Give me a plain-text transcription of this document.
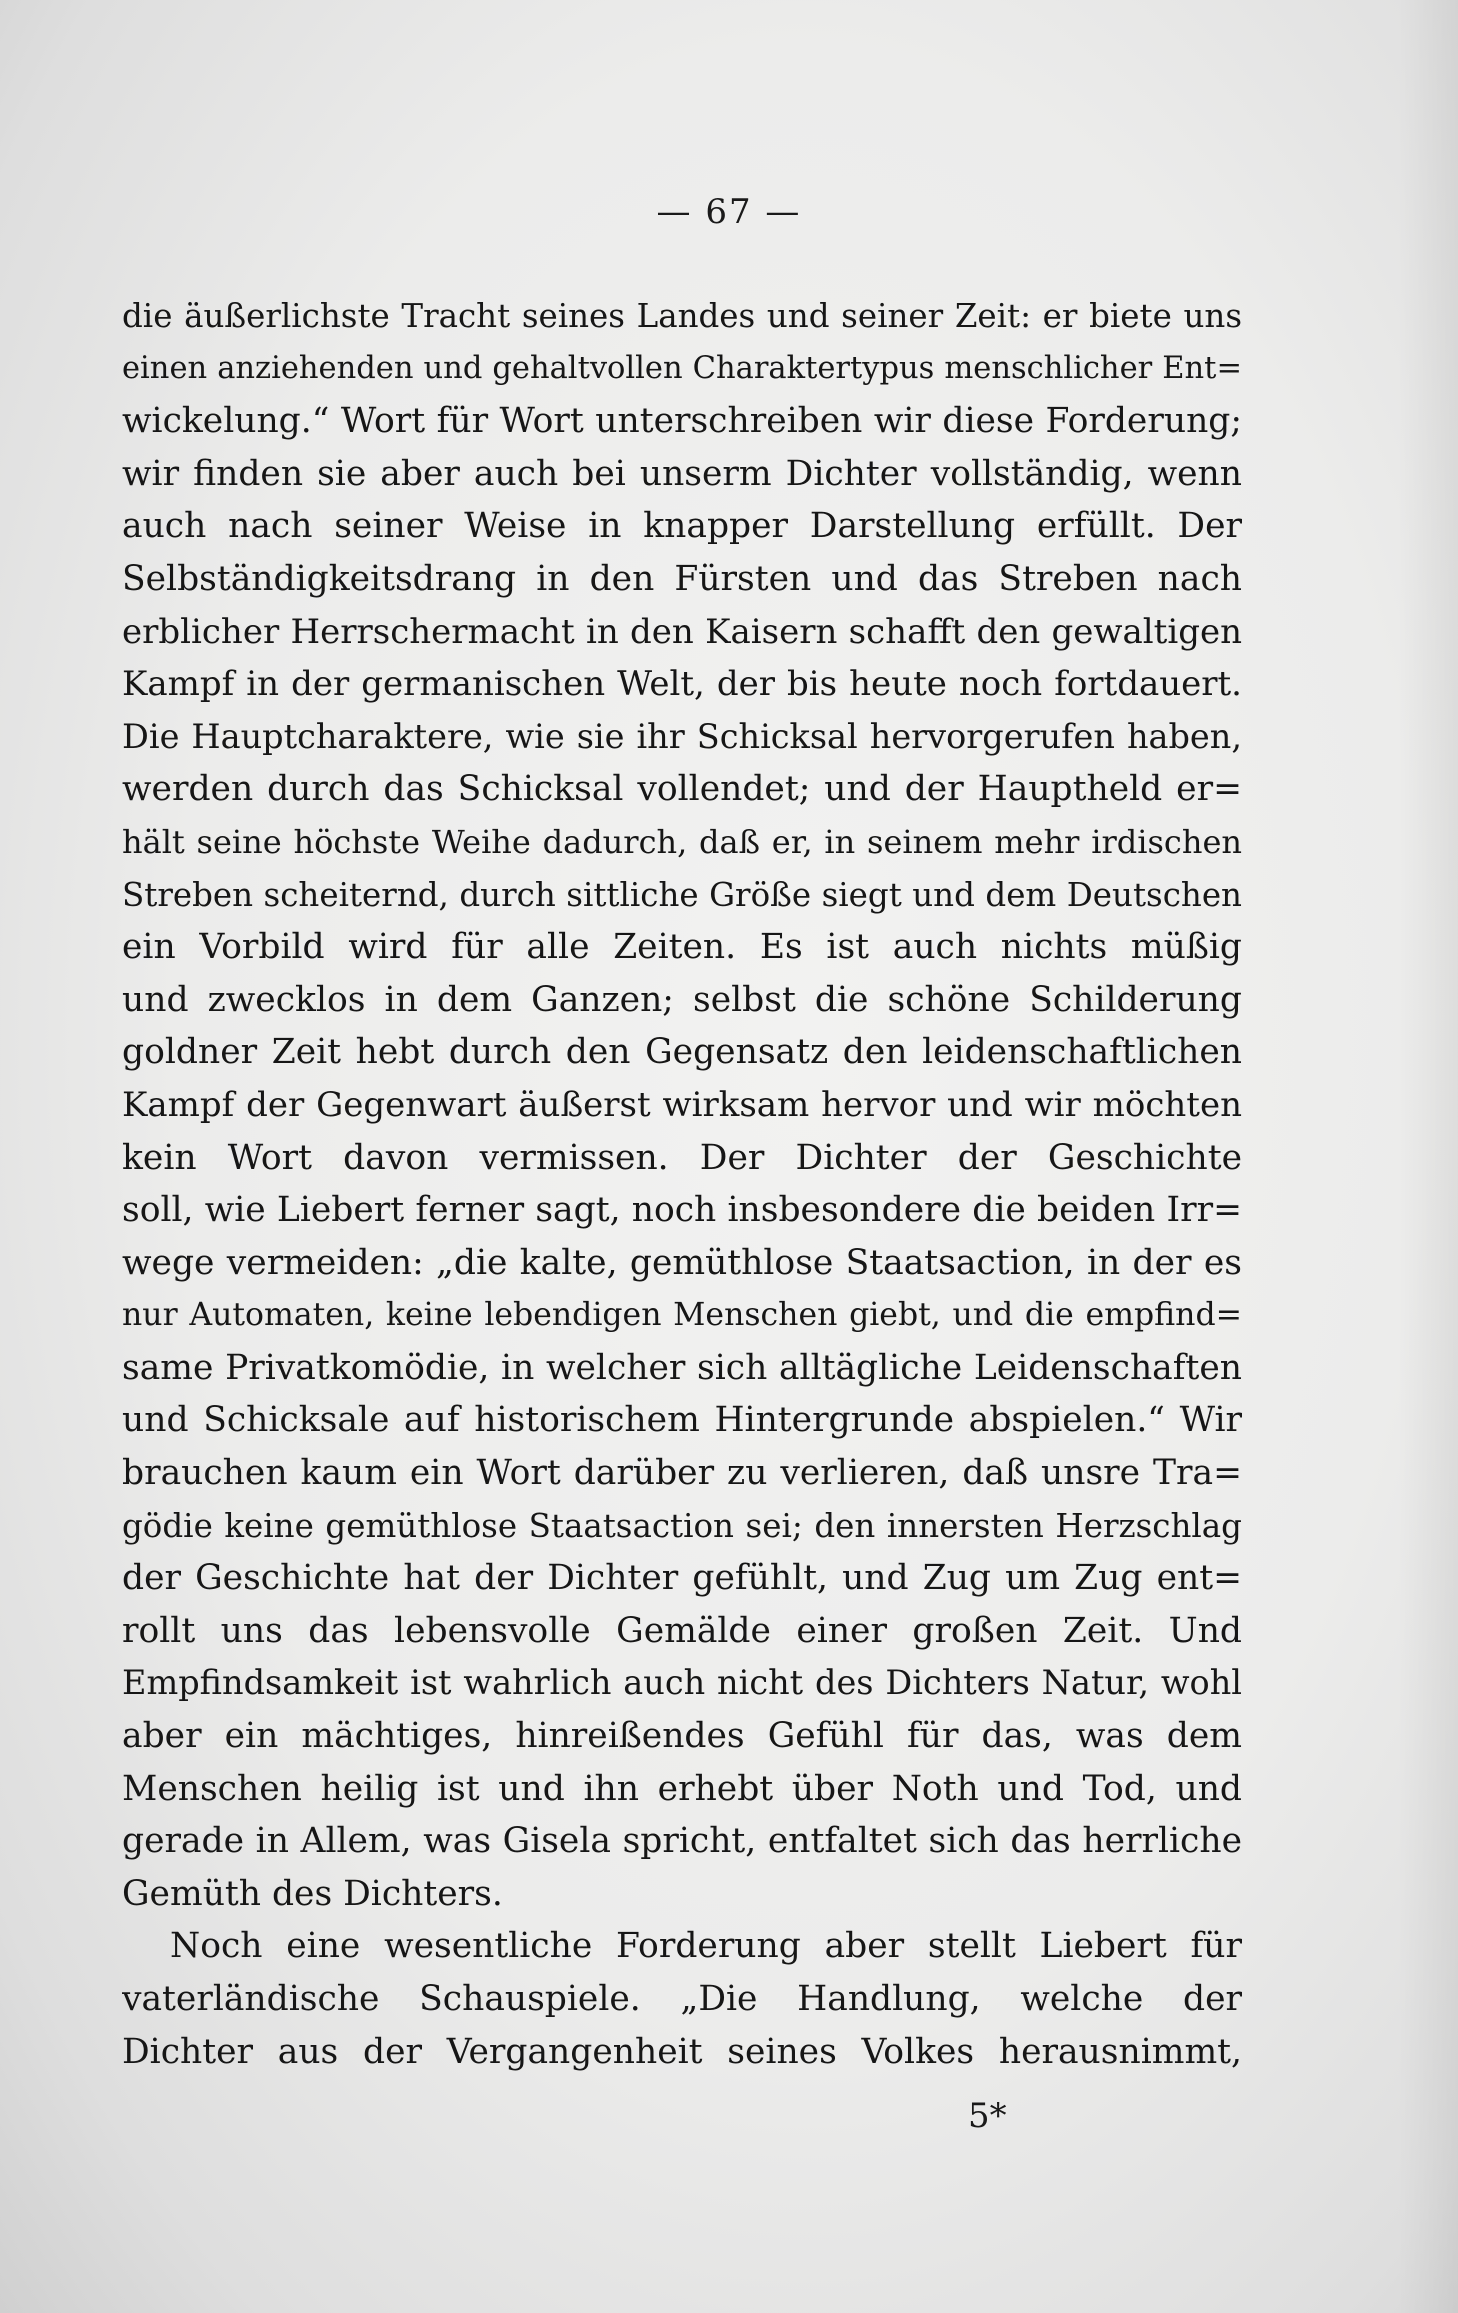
— 67 —
die äußerlichste Tracht seines Landes und seiner Zeit: er biete uns
einen anziehenden und gehaltvollen Charaktertypus menschlicher Ent=
wickelung.“ Wort für Wort unterschreiben wir diese Forderung;
wir finden sie aber auch bei unserm Dichter vollständig, wenn
auch nach seiner Weise in knapper Darstellung erfüllt. Der
Selbständigkeitsdrang in den Fürsten und das Streben nach
erblicher Herrschermacht in den Kaisern schafft den gewaltigen
Kampf in der germanischen Welt, der bis heute noch fortdauert.
Die Hauptcharaktere, wie sie ihr Schicksal hervorgerufen haben,
werden durch das Schicksal vollendet; und der Hauptheld er=
hält seine höchste Weihe dadurch, daß er, in seinem mehr irdischen
Streben scheiternd, durch sittliche Größe siegt und dem Deutschen
ein Vorbild wird für alle Zeiten. Es ist auch nichts müßig
und zwecklos in dem Ganzen; selbst die schöne Schilderung
goldner Zeit hebt durch den Gegensatz den leidenschaftlichen
Kampf der Gegenwart äußerst wirksam hervor und wir möchten
kein Wort davon vermissen. Der Dichter der Geschichte
soll, wie Liebert ferner sagt, noch insbesondere die beiden Irr=
wege vermeiden: „die kalte, gemüthlose Staatsaction, in der es
nur Automaten, keine lebendigen Menschen giebt, und die empfind=
same Privatkomödie, in welcher sich alltägliche Leidenschaften
und Schicksale auf historischem Hintergrunde abspielen.“ Wir
brauchen kaum ein Wort darüber zu verlieren, daß unsre Tra=
gödie keine gemüthlose Staatsaction sei; den innersten Herzschlag
der Geschichte hat der Dichter gefühlt, und Zug um Zug ent=
rollt uns das lebensvolle Gemälde einer großen Zeit. Und
Empfindsamkeit ist wahrlich auch nicht des Dichters Natur, wohl
aber ein mächtiges, hinreißendes Gefühl für das, was dem
Menschen heilig ist und ihn erhebt über Noth und Tod, und
gerade in Allem, was Gisela spricht, entfaltet sich das herrliche
Gemüth des Dichters.
Noch eine wesentliche Forderung aber stellt Liebert für
vaterländische Schauspiele. „Die Handlung, welche der
Dichter aus der Vergangenheit seines Volkes herausnimmt,
5*
